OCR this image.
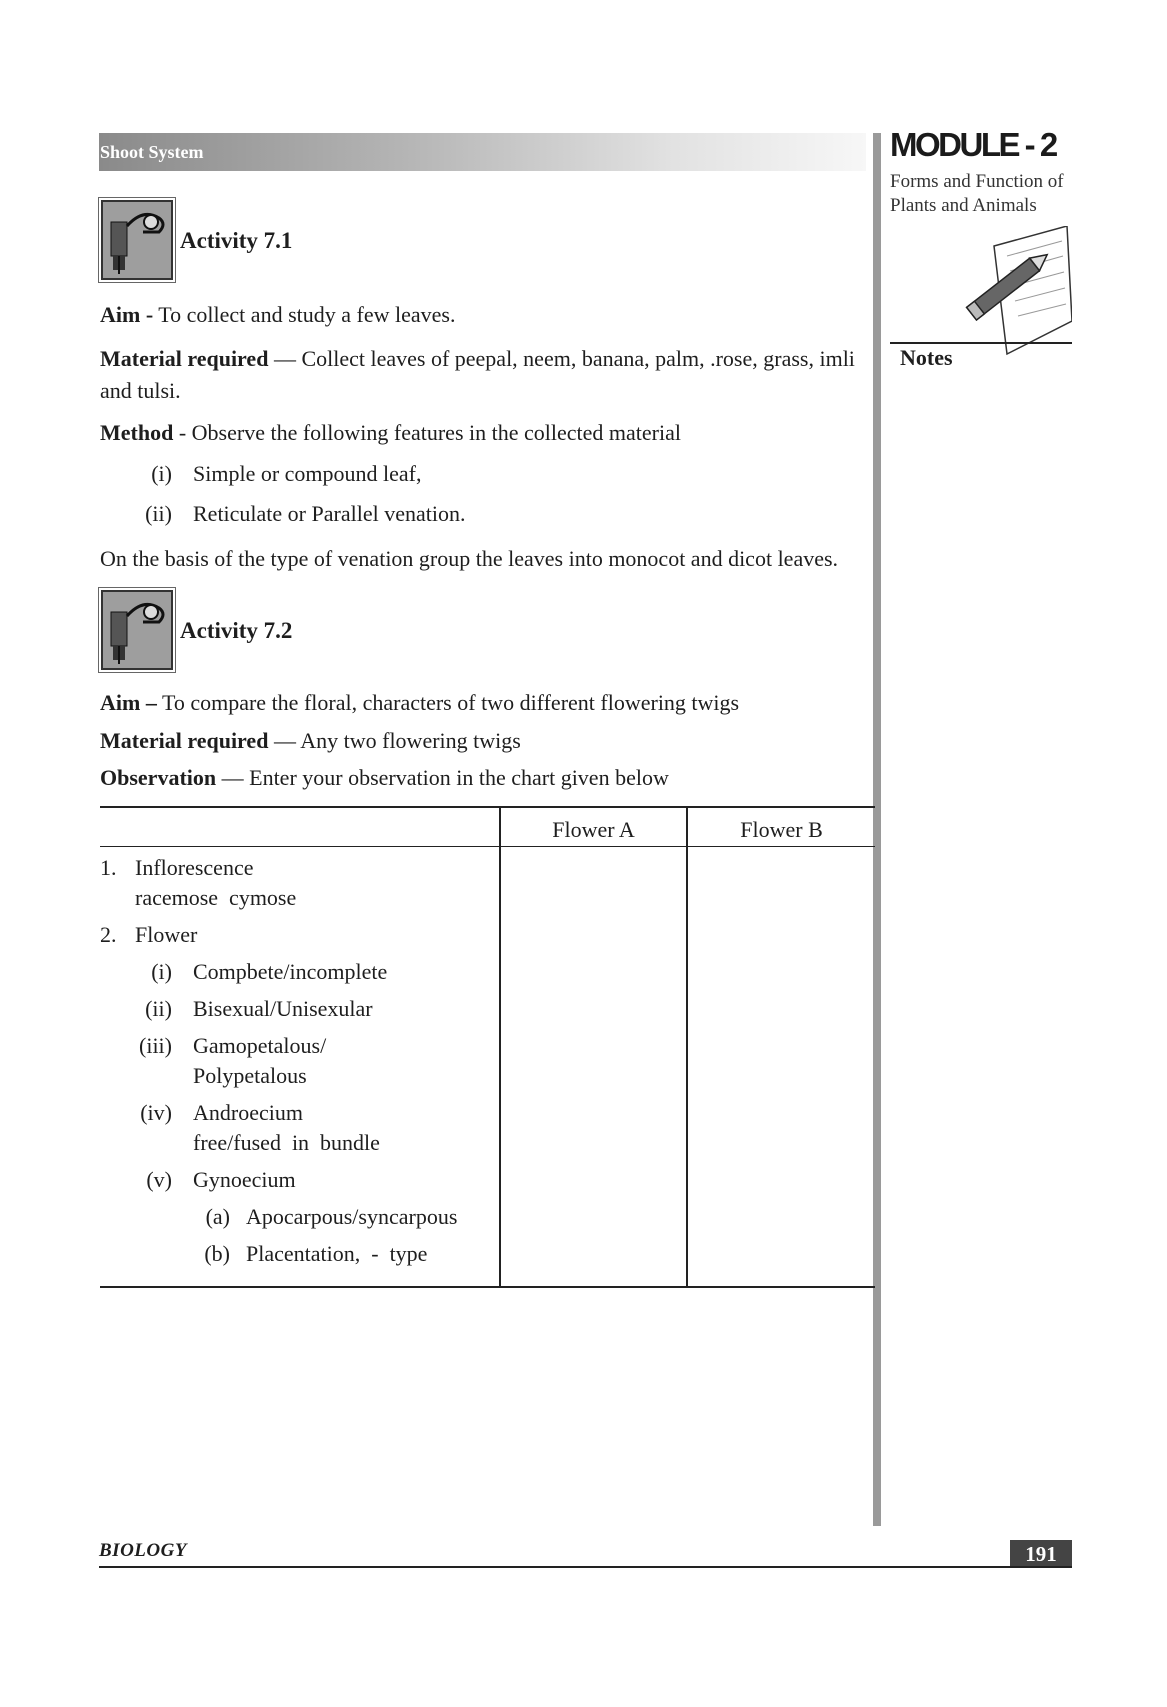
Shoot System	MODULE - 2
Forms and Function of
Plants and Animals
Notes
Activity 7.1
Aim - To collect and study a few leaves.
Material required — Collect leaves of peepal, neem, banana, palm, .rose, grass, imli
and tulsi.
Method - Observe the following features in the collected material
(i) Simple or compound leaf,
(ii) Reticulate or Parallel venation.
On the basis of the type of venation group the leaves into monocot and dicot leaves.
Activity 7.2
Aim – To compare the floral, characters of two different flowering twigs
Material required — Any two flowering twigs
Observation — Enter your observation in the chart given below
Flower A	Flower B
1. Inflorescence
racemose  cymose
2. Flower
(i) Compbete/incomplete
(ii) Bisexual/Unisexular
(iii) Gamopetalous/
Polypetalous
(iv) Androecium
free/fused  in  bundle
(v) Gynoecium
(a) Apocarpous/syncarpous
(b) Placentation,  -  type
BIOLOGY	191
